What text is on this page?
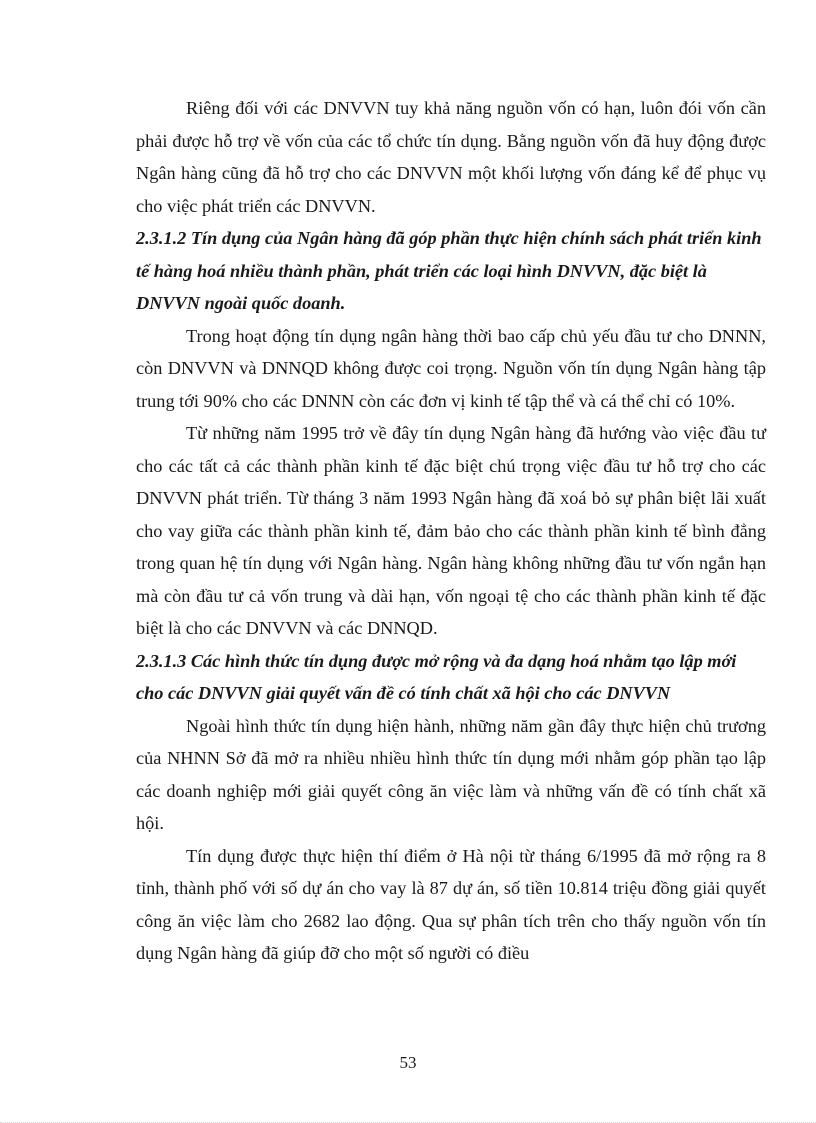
Riêng đối với các DNVVN tuy khả năng nguồn vốn có hạn, luôn đói vốn cần phải được hỗ trợ về vốn của các tổ chức tín dụng. Bằng nguồn vốn đã huy động được Ngân hàng cũng đã hỗ trợ cho các DNVVN một khối lượng vốn đáng kể để phục vụ cho việc phát triển các DNVVN.

2.3.1.2 Tín dụng của Ngân hàng đã góp phần thực hiện chính sách phát triển kinh tế hàng hoá nhiều thành phần, phát triển các loại hình DNVVN, đặc biệt là DNVVN ngoài quốc doanh.

Trong hoạt động tín dụng ngân hàng thời bao cấp chủ yếu đầu tư cho DNNN, còn DNVVN và DNNQD không được coi trọng. Nguồn vốn tín dụng Ngân hàng tập trung tới 90% cho các DNNN còn các đơn vị kinh tế tập thể và cá thể chỉ có 10%.

Từ những năm 1995 trở về đây tín dụng Ngân hàng đã hướng vào việc đầu tư cho các tất cả các thành phần kinh tế đặc biệt chú trọng việc đầu tư hỗ trợ cho các DNVVN phát triển. Từ tháng 3 năm 1993 Ngân hàng đã xoá bỏ sự phân biệt lãi xuất cho vay giữa các thành phần kinh tế, đảm bảo cho các thành phần kinh tế bình đẳng trong quan hệ tín dụng với Ngân hàng. Ngân hàng không những đầu tư vốn ngắn hạn mà còn đầu tư cả vốn trung và dài hạn, vốn ngoại tệ cho các thành phần kinh tế đặc biệt là cho các DNVVN và các DNNQD.

2.3.1.3 Các hình thức tín dụng được mở rộng và đa dạng hoá nhằm tạo lập mới cho các DNVVN giải quyết vấn đề có tính chất xã hội cho các DNVVN

Ngoài hình thức tín dụng hiện hành, những năm gần đây thực hiện chủ trương của NHNN Sở đã mở ra nhiều nhiều hình thức tín dụng mới nhằm góp phần tạo lập các doanh nghiệp mới giải quyết công ăn việc làm và những vấn đề có tính chất xã hội.

Tín dụng được thực hiện thí điểm ở Hà nội từ tháng 6/1995 đã mở rộng ra 8 tỉnh, thành phố với số dự án cho vay là 87 dự án, số tiền 10.814 triệu đồng giải quyết công ăn việc làm cho 2682 lao động. Qua sự phân tích trên cho thấy nguồn vốn tín dụng Ngân hàng đã giúp đỡ cho một số người có điều

53
